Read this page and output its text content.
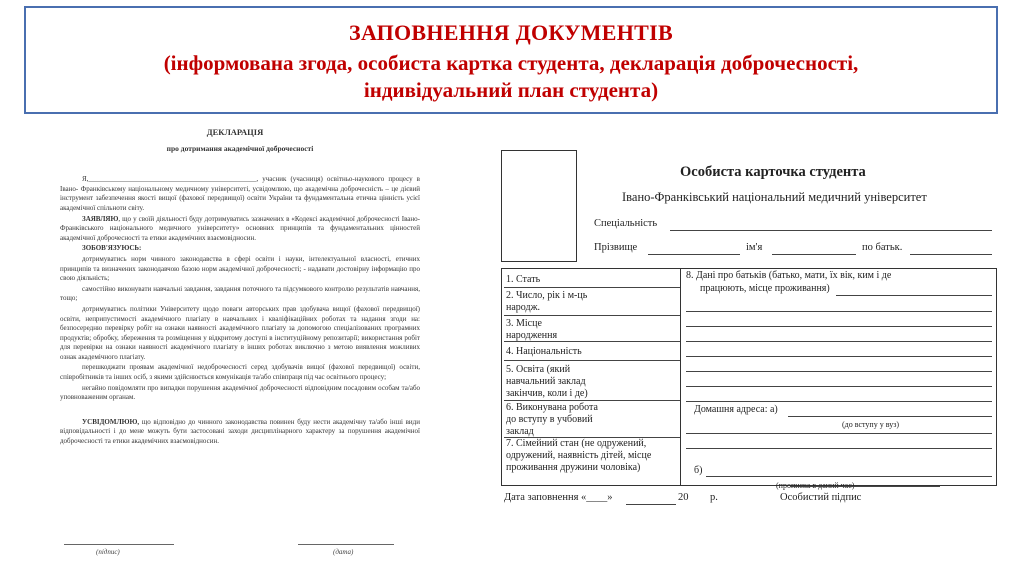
ЗАПОВНЕННЯ ДОКУМЕНТІВ
(інформована згода, особиста картка студента, декларація доброчесності,
індивідуальний план студента)
ДЕКЛАРАЦІЯ
про дотримання академічної доброчесності

Я,________________________________________________, учасник (учасниця) освітньо-наукового процесу в Івано- Франківському національному медичному університеті, усвідомлюю, що академічна доброчесність – це дієвий інструмент забезпечення якості вищої (фахової передвищої) освіти України та фундаментальна етична цінність усієї академічної спільноти світу.

ЗАЯВЛЯЮ, що у своїй діяльності буду дотримуватись зазначених в «Кодексі академічної доброчесності Івано-Франківського національного медичного університету» основних принципів та фундаментальних цінностей академічної доброчесності та етики академічних взаємовідносин.

ЗОБОВ'ЯЗУЮСЬ:

дотримуватись норм чинного законодавства в сфері освіти і науки, інтелектуальної власності, етичних принципів та визначених законодавчою базою норм академічної доброчесності; - надавати достовірну інформацію про свою діяльність;

самостійно виконувати навчальні завдання, завдання поточного та підсумкового контролю результатів навчання, тощо;

дотримуватись політики Університету щодо поваги авторських прав здобувача вищої (фахової передвищої) освіти, неприпустимості академічного плагіату в навчальних і кваліфікаційних роботах та надання згоди на: безпосередню перевірку робіт на ознаки наявності академічного плагіату за допомогою спеціалізованих програмних продуктів; обробку, збереження та розміщення у відкритому доступі в інституційному репозитарії; використання робіт для перевірки на ознаки наявності академічного плагіату в інших роботах виключно з метою виявлення можливих ознак академічного плагіату.

перешкоджати проявам академічної недоброчесності серед здобувачів вищої (фахової передвищої) освіти, співробітників та інших осіб, з якими здійснюється комунікація та/або співпраця під час освітнього процесу;

негайно повідомляти про випадки порушення академічної доброчесності відповідним посадовим особам та/або уповноваженим органам.

УСВІДОМЛЮЮ, що відповідно до чинного законодавства повинен буду нести академічну та/або інші види відповідальності і до мене можуть бути застосовані заходи дисциплінарного характеру за порушення академічної доброчесності та етики академічних взаємовідносин.

(підпис)	(дата)
Особиста карточка студента
Івано-Франківський національний медичний університет
Спеціальність
Прізвище	ім'я	по батьк.
1. Стать
2. Число, рік і м-ць народж.
3. Місце народження
4. Національність
5. Освіта (який навчальний заклад закінчив, коли і де)
6. Виконувана робота до вступу в учбовий заклад
7. Сімейний стан (не одружений, одружений, наявність дітей, місце проживання дружини чоловіка)
8. Дані про батьків (батько, мати, їх вік, ким і де
працюють, місце проживання)
Домашня адреса: а)
(до вступу у вуз)
б)
(прописка в даний час)
Дата заповнення «____»	20 р.	Особистий підпис
